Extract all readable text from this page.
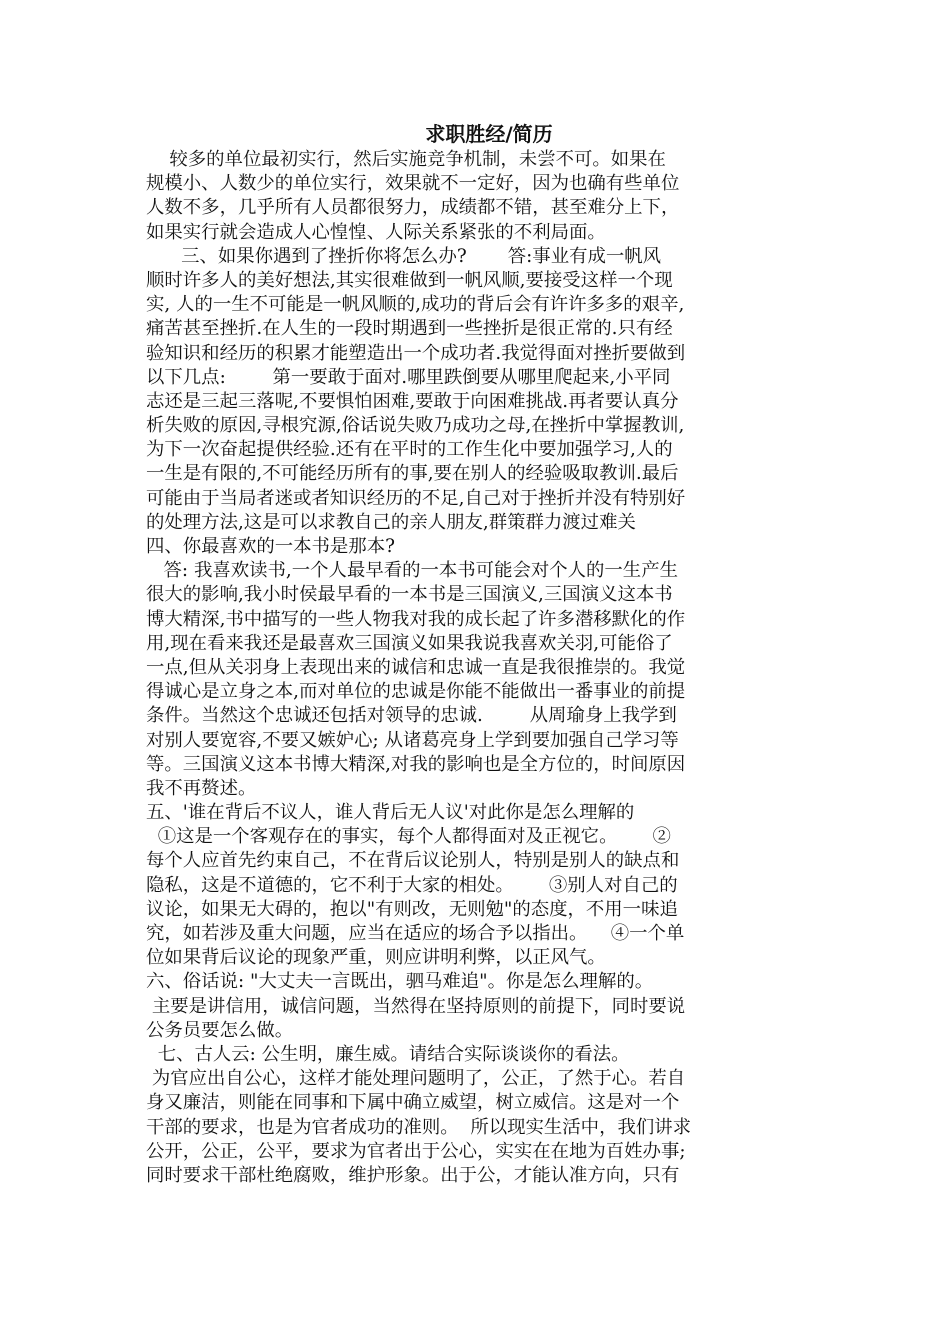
求职胜经/简历
较多的单位最初实行，然后实施竞争机制，未尝不可。如果在
规模小、人数少的单位实行，效果就不一定好，因为也确有些单位
人数不多，几乎所有人员都很努力，成绩都不错，甚至难分上下，
如果实行就会造成人心惶惶、人际关系紧张的不利局面。
三、如果你遇到了挫折你将怎么办?       答:事业有成一帆风
顺时许多人的美好想法,其实很难做到一帆风顺,要接受这样一个现
实, 人的一生不可能是一帆风顺的,成功的背后会有许许多多的艰辛,
痛苦甚至挫折.在人生的一段时期遇到一些挫折是很正常的.只有经
验知识和经历的积累才能塑造出一个成功者.我觉得面对挫折要做到
以下几点:        第一要敢于面对.哪里跌倒要从哪里爬起来,小平同
志还是三起三落呢,不要惧怕困难,要敢于向困难挑战.再者要认真分
析失败的原因,寻根究源,俗话说失败乃成功之母,在挫折中掌握教训,
为下一次奋起提供经验.还有在平时的工作生化中要加强学习,人的
一生是有限的,不可能经历所有的事,要在别人的经验吸取教训.最后
可能由于当局者迷或者知识经历的不足,自己对于挫折并没有特别好
的处理方法,这是可以求教自己的亲人朋友,群策群力渡过难关
四、你最喜欢的一本书是那本?
答: 我喜欢读书,一个人最早看的一本书可能会对个人的一生产生
很大的影响,我小时侯最早看的一本书是三国演义,三国演义这本书
博大精深,书中描写的一些人物我对我的成长起了许多潜移默化的作
用,现在看来我还是最喜欢三国演义如果我说我喜欢关羽,可能俗了
一点,但从关羽身上表现出来的诚信和忠诚一直是我很推崇的。我觉
得诚心是立身之本,而对单位的忠诚是你能不能做出一番事业的前提
条件。当然这个忠诚还包括对领导的忠诚.        从周瑜身上我学到
对别人要宽容,不要又嫉妒心; 从诸葛亮身上学到要加强自己学习等
等。三国演义这本书博大精深,对我的影响也是全方位的，时间原因
我不再赘述。
五、'谁在背后不议人，谁人背后无人议'对此你是怎么理解的
①这是一个客观存在的事实，每个人都得面对及正视它。      ②
每个人应首先约束自己，不在背后议论别人，特别是别人的缺点和
隐私，这是不道德的，它不利于大家的相处。      ③别人对自己的
议论，如果无大碍的，抱以"有则改，无则勉"的态度，不用一味追
究，如若涉及重大问题，应当在适应的场合予以指出。    ④一个单
位如果背后议论的现象严重，则应讲明利弊，以正风气。
六、俗话说: "大丈夫一言既出，驷马难追"。你是怎么理解的。
主要是讲信用，诚信问题，当然得在坚持原则的前提下，同时要说
公务员要怎么做。
七、古人云: 公生明，廉生威。请结合实际谈谈你的看法。
为官应出自公心，这样才能处理问题明了，公正，了然于心。若自
身又廉洁，则能在同事和下属中确立威望，树立威信。这是对一个
干部的要求，也是为官者成功的准则。  所以现实生活中，我们讲求
公开，公正，公平，要求为官者出于公心，实实在在地为百姓办事;
同时要求干部杜绝腐败，维护形象。出于公，才能认准方向，只有
